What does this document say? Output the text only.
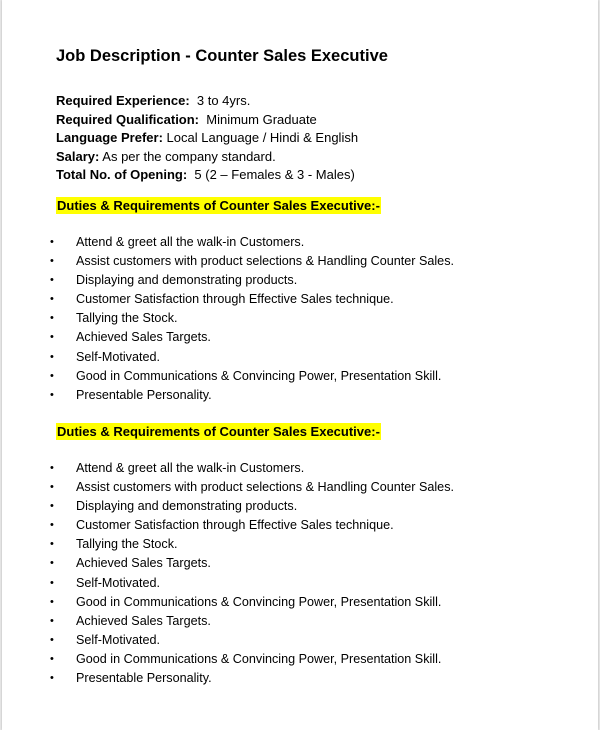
Job Description - Counter Sales Executive
Required Experience: 3 to 4yrs.
Required Qualification: Minimum Graduate
Language Prefer: Local Language / Hindi & English
Salary: As per the company standard.
Total No. of Opening: 5 (2 – Females & 3 - Males)
Duties & Requirements of Counter Sales Executive:-
• Attend & greet all the walk-in Customers.
• Assist customers with product selections & Handling Counter Sales.
• Displaying and demonstrating products.
• Customer Satisfaction through Effective Sales technique.
• Tallying the Stock.
• Achieved Sales Targets.
• Self-Motivated.
• Good in Communications & Convincing Power, Presentation Skill.
• Presentable Personality.
Duties & Requirements of Counter Sales Executive:-
• Attend & greet all the walk-in Customers.
• Assist customers with product selections & Handling Counter Sales.
• Displaying and demonstrating products.
• Customer Satisfaction through Effective Sales technique.
• Tallying the Stock.
• Achieved Sales Targets.
• Self-Motivated.
• Good in Communications & Convincing Power, Presentation Skill.
• Achieved Sales Targets.
• Self-Motivated.
• Good in Communications & Convincing Power, Presentation Skill.
• Presentable Personality.
